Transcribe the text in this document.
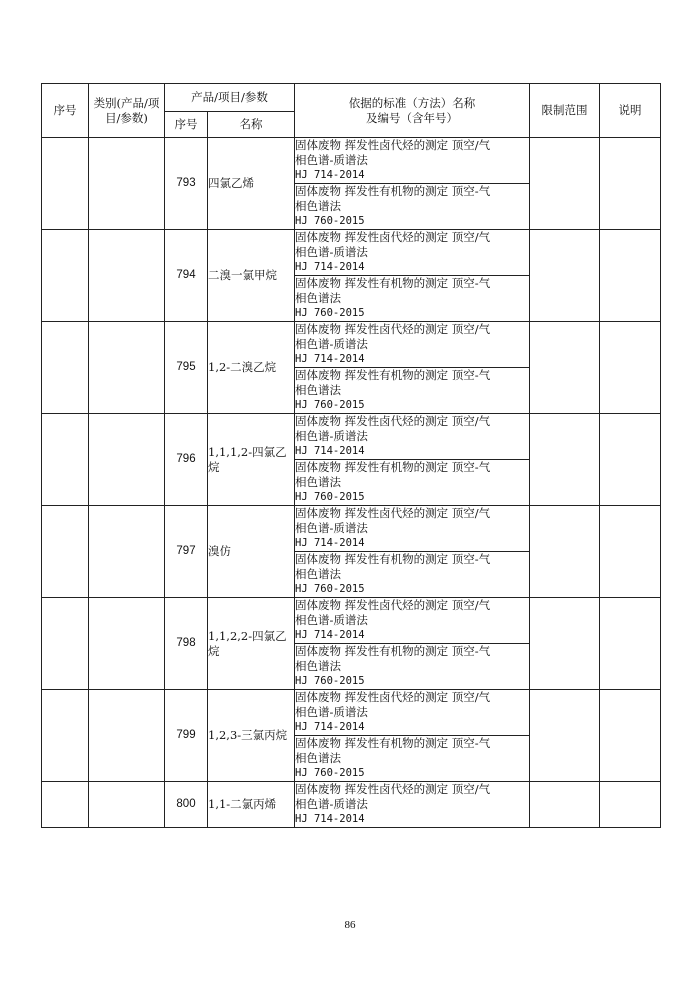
序号	类别(产品/项目/参数)	产品/项目/参数		依据的标准（方法）名称
及编号（含年号）	限制范围	说明
		序号	名称			
		793	四氯乙烯	固体废物 挥发性卤代烃的测定 顶空/气
相色谱-质谱法
HJ 714-2014		

				固体废物 挥发性有机物的测定 顶空-气
相色谱法
HJ 760-2015		

		794	二溴一氯甲烷	固体废物 挥发性卤代烃的测定 顶空/气
相色谱-质谱法
HJ 714-2014		

				固体废物 挥发性有机物的测定 顶空-气
相色谱法
HJ 760-2015		

		795	1,2-二溴乙烷	固体废物 挥发性卤代烃的测定 顶空/气
相色谱-质谱法
HJ 714-2014		

				固体废物 挥发性有机物的测定 顶空-气
相色谱法
HJ 760-2015		

		796	1,1,1,2-四氯乙烷	固体废物 挥发性卤代烃的测定 顶空/气
相色谱-质谱法
HJ 714-2014		

				固体废物 挥发性有机物的测定 顶空-气
相色谱法
HJ 760-2015		

		797	溴仿	固体废物 挥发性卤代烃的测定 顶空/气
相色谱-质谱法
HJ 714-2014		

				固体废物 挥发性有机物的测定 顶空-气
相色谱法
HJ 760-2015		

		798	1,1,2,2-四氯乙烷	固体废物 挥发性卤代烃的测定 顶空/气
相色谱-质谱法
HJ 714-2014		

				固体废物 挥发性有机物的测定 顶空-气
相色谱法
HJ 760-2015		

		799	1,2,3-三氯丙烷	固体废物 挥发性卤代烃的测定 顶空/气
相色谱-质谱法
HJ 714-2014		

				固体废物 挥发性有机物的测定 顶空-气
相色谱法
HJ 760-2015		

		800	1,1-二氯丙烯	固体废物 挥发性卤代烃的测定 顶空/气
相色谱-质谱法
HJ 714-2014		

86
